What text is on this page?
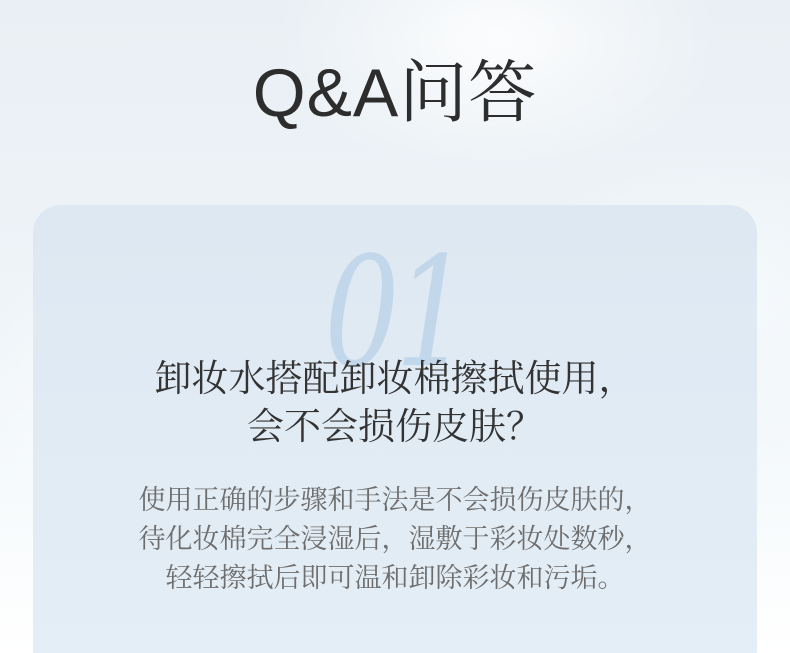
Q&A问答
01
卸妆水搭配卸妆棉擦拭使用，
会不会损伤皮肤？
使用正确的步骤和手法是不会损伤皮肤的，
待化妆棉完全浸湿后，湿敷于彩妆处数秒，
轻轻擦拭后即可温和卸除彩妆和污垢。
